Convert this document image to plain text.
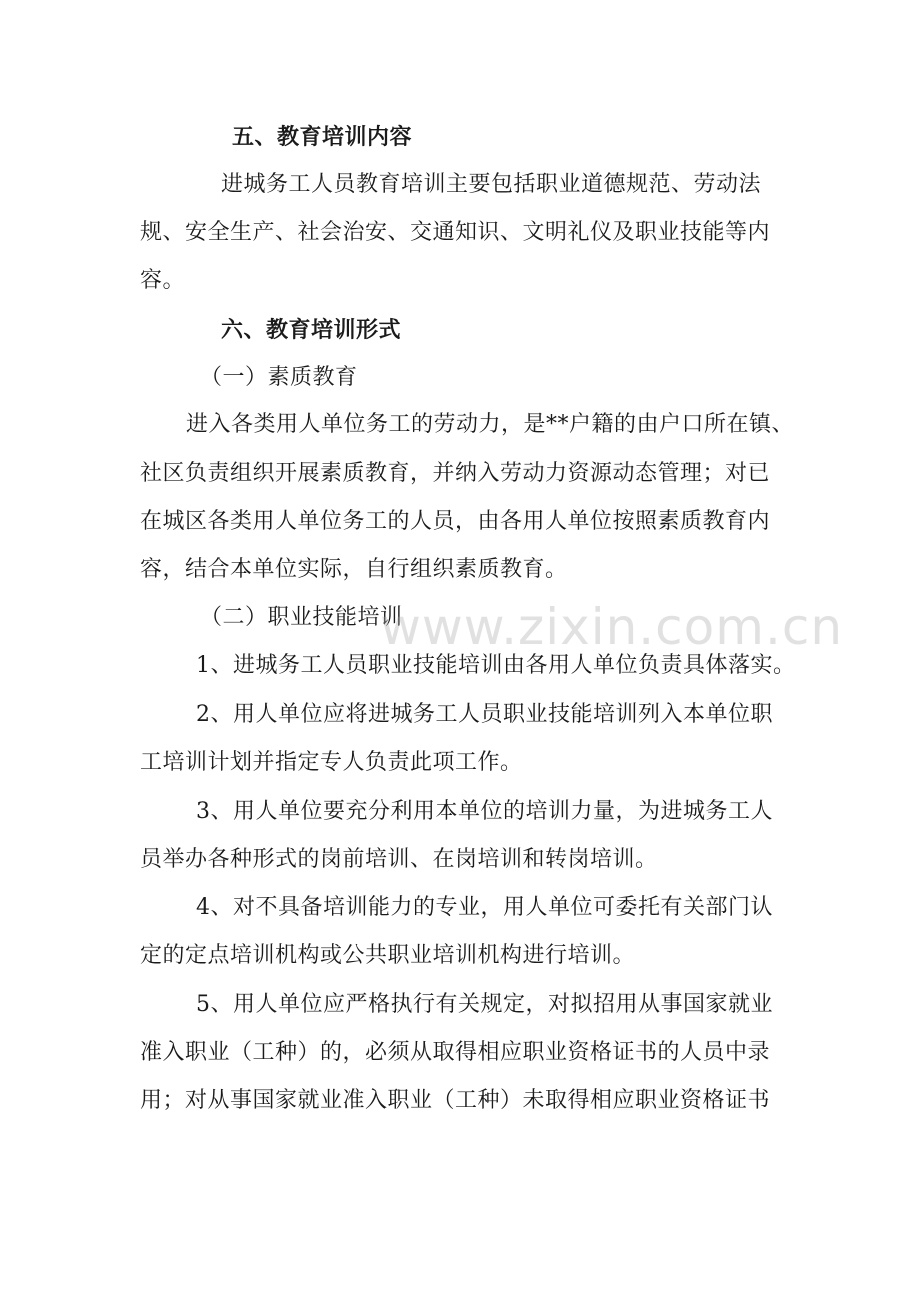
五、教育培训内容
进城务工人员教育培训主要包括职业道德规范、劳动法
规、安全生产、社会治安、交通知识、文明礼仪及职业技能等内
容。
六、教育培训形式
（一）素质教育
进入各类用人单位务工的劳动力，是**户籍的由户口所在镇、
社区负责组织开展素质教育，并纳入劳动力资源动态管理；对已
在城区各类用人单位务工的人员，由各用人单位按照素质教育内
容，结合本单位实际，自行组织素质教育。
（二）职业技能培训
1、进城务工人员职业技能培训由各用人单位负责具体落实。
2、用人单位应将进城务工人员职业技能培训列入本单位职
工培训计划并指定专人负责此项工作。
3、用人单位要充分利用本单位的培训力量，为进城务工人
员举办各种形式的岗前培训、在岗培训和转岗培训。
4、对不具备培训能力的专业，用人单位可委托有关部门认
定的定点培训机构或公共职业培训机构进行培训。
5、用人单位应严格执行有关规定，对拟招用从事国家就业
准入职业（工种）的，必须从取得相应职业资格证书的人员中录
用；对从事国家就业准入职业（工种）未取得相应职业资格证书
www.zixin.com.cn
